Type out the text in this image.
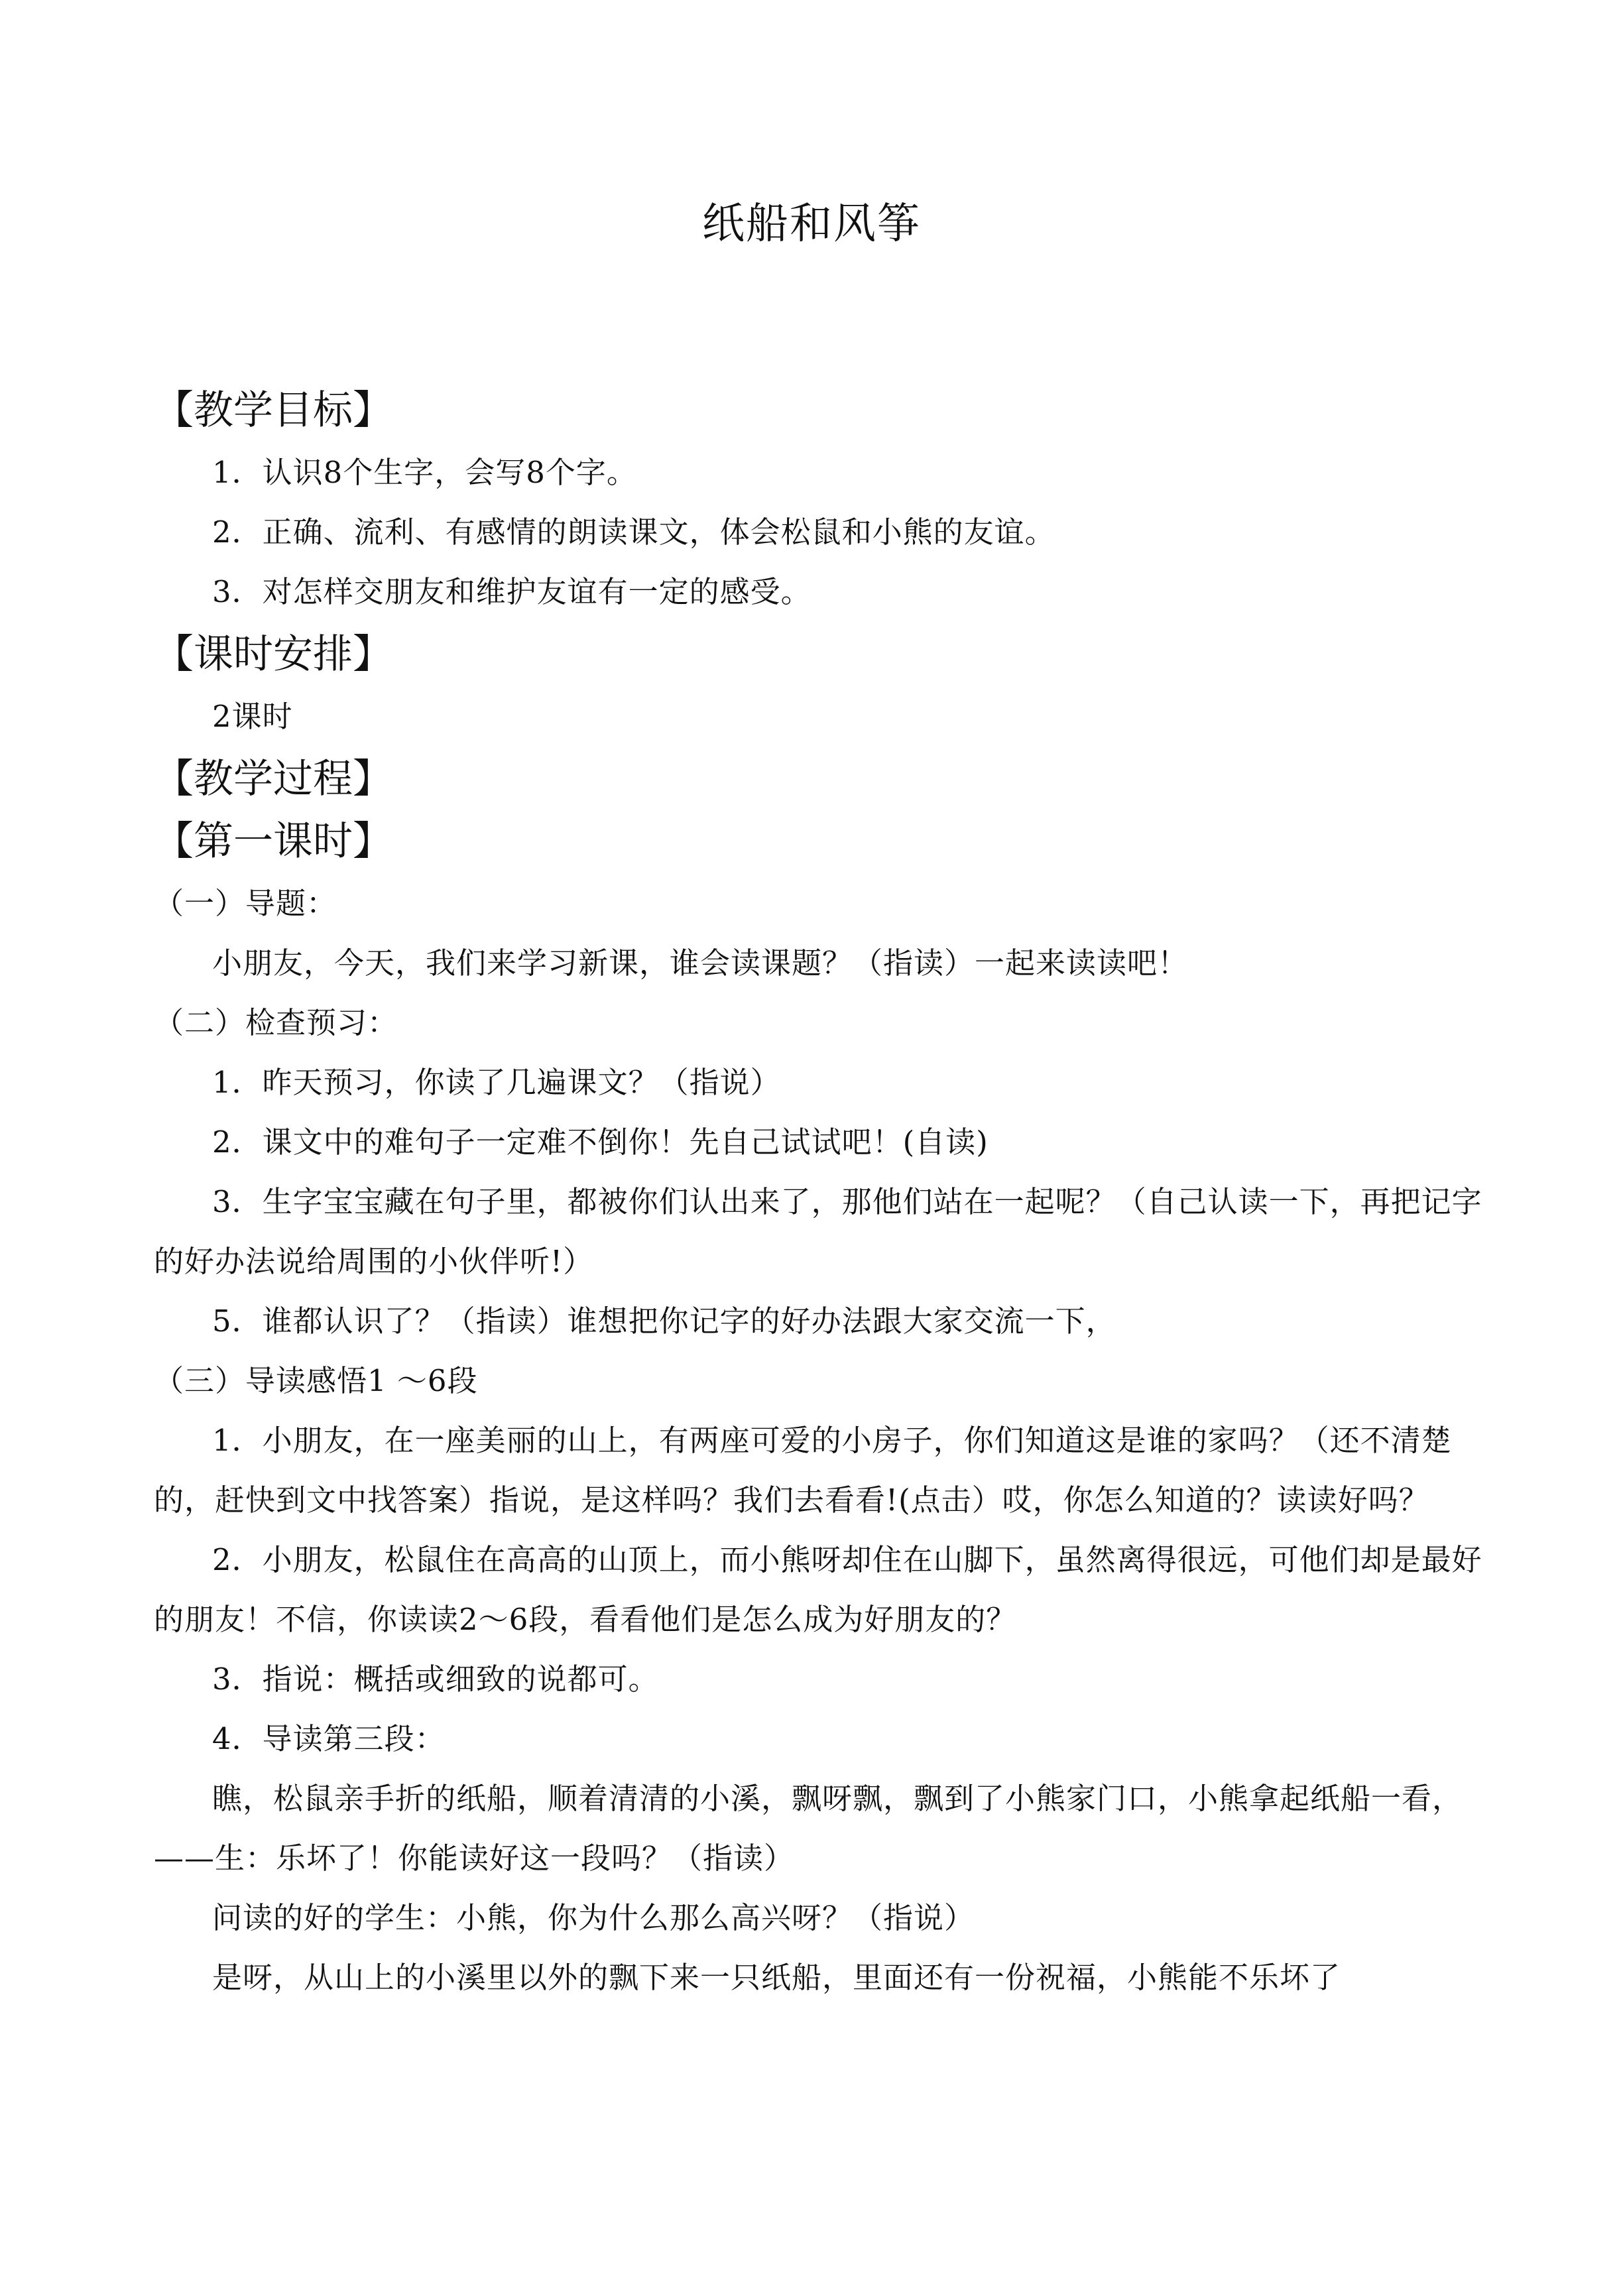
纸船和风筝
【教学目标】

1．认识8个生字，会写8个字。

2．正确、流利、有感情的朗读课文，体会松鼠和小熊的友谊。

3．对怎样交朋友和维护友谊有一定的感受。

【课时安排】

2课时

【教学过程】
【第一课时】

（一）导题：

小朋友，今天，我们来学习新课，谁会读课题？（指读）一起来读读吧！

（二）检查预习：

1．昨天预习，你读了几遍课文？（指说）

2．课文中的难句子一定难不倒你！先自己试试吧！(自读)

3．生字宝宝藏在句子里，都被你们认出来了，那他们站在一起呢？（自己认读一下，再把记字的好办法说给周围的小伙伴听!）

5．谁都认识了？（指读）谁想把你记字的好办法跟大家交流一下，

（三）导读感悟1 ～6段

1．小朋友，在一座美丽的山上，有两座可爱的小房子，你们知道这是谁的家吗？（还不清楚的，赶快到文中找答案）指说，是这样吗？我们去看看!(点击）哎，你怎么知道的？读读好吗？

2．小朋友，松鼠住在高高的山顶上，而小熊呀却住在山脚下，虽然离得很远，可他们却是最好的朋友！不信，你读读2～6段，看看他们是怎么成为好朋友的？

3．指说：概括或细致的说都可。

4．导读第三段：

瞧，松鼠亲手折的纸船，顺着清清的小溪，飘呀飘，飘到了小熊家门口，小熊拿起纸船一看，——生：乐坏了！你能读好这一段吗？（指读）

问读的好的学生：小熊，你为什么那么高兴呀？（指说）

是呀，从山上的小溪里以外的飘下来一只纸船，里面还有一份祝福，小熊能不乐坏了
